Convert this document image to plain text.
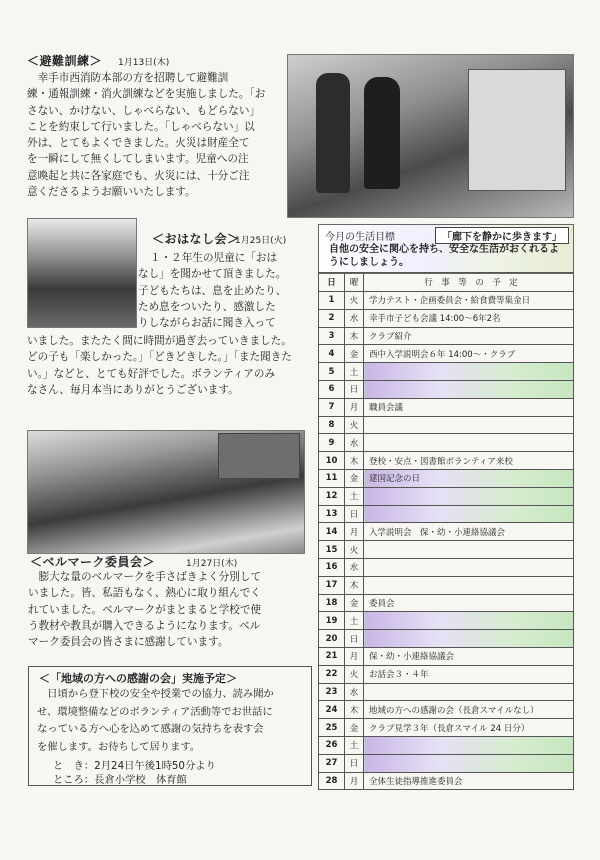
＜避難訓練＞ 1月13日(木)
　幸手市西消防本部の方を招聘して避難訓
練・通報訓練・消火訓練などを実施しました。「お
さない、かけない、しゃべらない、もどらない」
ことを約束して行いました。「しゃべらない」以
外は、とてもよくできました。火災は財産全て
を一瞬にして無くしてしまいます。児童への注
意喚起と共に各家庭でも、火災には、十分ご注
意くださるようお願いいたします。
＜おはなし会＞
1月25日(火)
１・２年生の児童に「おは
なし」を聞かせて頂きました。
子どもたちは、息を止めたり、
ため息をついたり、感激した
りしながらお話に聞き入って
いました。またたく間に時間が過ぎ去っていきました。
どの子も「楽しかった。」「どきどきした。」「また聞きた
い。」などと、とても好評でした。ボランティアのみ
なさん、毎月本当にありがとうございます。
＜ベルマーク委員会＞	1月27日(木)
　膨大な量のベルマークを手さばきよく分別して
いました。皆、私語もなく、熱心に取り組んでく
れていました。ベルマークがまとまると学校で使
う教材や教具が購入できるようになります。ベル
マーク委員会の皆さまに感謝しています。
＜「地域の方への感謝の会」実施予定＞
　日頃から登下校の安全や授業での協力、読み聞か
せ、環境整備などのボランティア活動等でお世話に
なっている方へ心を込めて感謝の気持ちを表す会
を催します。お待ちして居ります。
と　き：2月24日午後1時50分より
ところ：長倉小学校　体育館
今月の生活目標	「廊下を静かに歩きます」
自他の安全に関心を持ち、安全な生活がおくれるようにしましょう。
日	曜	行　事　等　の　予　定
1	火	学力テスト・企画委員会・給食費等集金日
2	水	幸手市子ども会議 14:00～6年2名
3	木	クラブ紹介
4	金	西中入学説明会６年 14:00～・クラブ
5	土	
6	日	
7	月	職員会議
8	火	
9	水	
10	木	登校・安点・図書館ボランティア来校
11	金	建国記念の日
12	土	
13	日	
14	月	入学説明会　保・幼・小連絡協議会
15	火	
16	水	
17	木	
18	金	委員会
19	土	
20	日	
21	月	保・幼・小連絡協議会
22	火	お話会３・４年
23	水	
24	木	地域の方への感謝の会（長倉スマイルなし）
25	金	クラブ見学３年（長倉スマイル 24 日分）
26	土	
27	日	
28	月	全体生徒指導推進委員会
